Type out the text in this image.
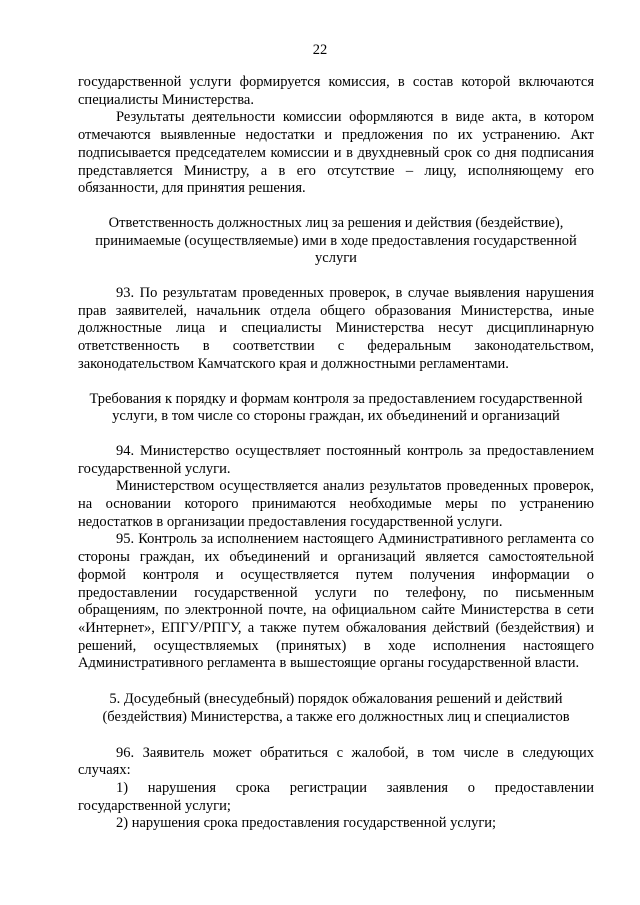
22

государственной услуги формируется комиссия, в состав которой включаются специалисты Министерства.

Результаты деятельности комиссии оформляются в виде акта, в котором отмечаются выявленные недостатки и предложения по их устранению. Акт подписывается председателем комиссии и в двухдневный срок со дня подписания представляется Министру, а в его отсутствие – лицу, исполняющему его обязанности, для принятия решения.

Ответственность должностных лиц за решения и действия (бездействие), принимаемые (осуществляемые) ими в ходе предоставления государственной услуги

93. По результатам проведенных проверок, в случае выявления нарушения прав заявителей, начальник отдела общего образования Министерства, иные должностные лица и специалисты Министерства несут дисциплинарную ответственность в соответствии с федеральным законодательством, законодательством Камчатского края и должностными регламентами.

Требования к порядку и формам контроля за предоставлением государственной услуги, в том числе со стороны граждан, их объединений и организаций

94. Министерство осуществляет постоянный контроль за предоставлением государственной услуги.

Министерством осуществляется анализ результатов проведенных проверок, на основании которого принимаются необходимые меры по устранению недостатков в организации предоставления государственной услуги.

95. Контроль за исполнением настоящего Административного регламента со стороны граждан, их объединений и организаций является самостоятельной формой контроля и осуществляется путем получения информации о предоставлении государственной услуги по телефону, по письменным обращениям, по электронной почте, на официальном сайте Министерства в сети «Интернет», ЕПГУ/РПГУ, а также путем обжалования действий (бездействия) и решений, осуществляемых (принятых) в ходе исполнения настоящего Административного регламента в вышестоящие органы государственной власти.

5. Досудебный (внесудебный) порядок обжалования решений и действий (бездействия) Министерства, а также его должностных лиц и специалистов

96. Заявитель может обратиться с жалобой, в том числе в следующих случаях:

1) нарушения срока регистрации заявления о предоставлении государственной услуги;

2) нарушения срока предоставления государственной услуги;
